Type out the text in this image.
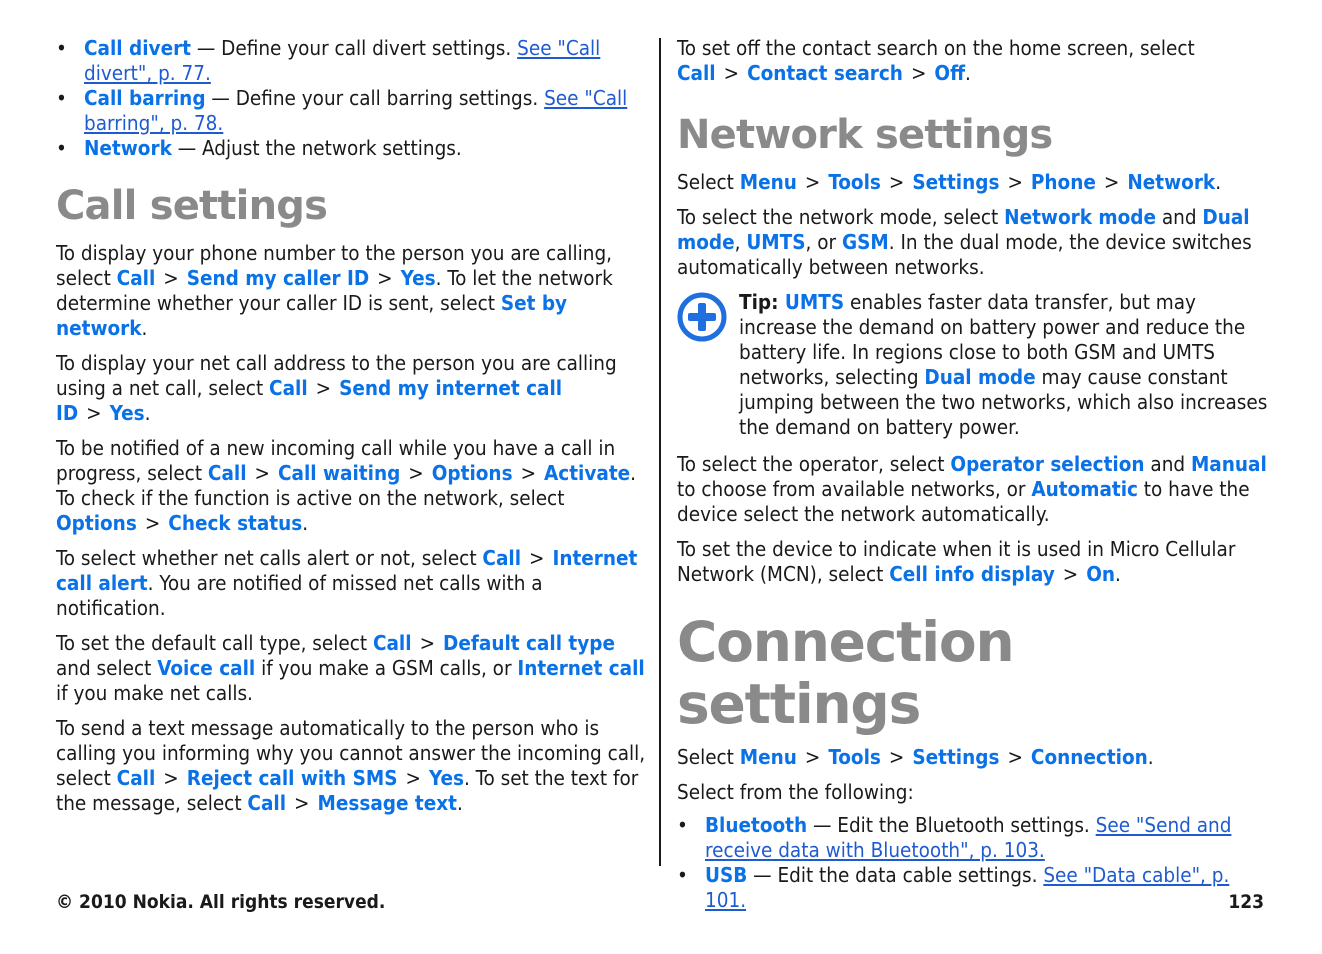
• Call divert — Define your call divert settings. See "Call divert", p. 77.
• Call barring — Define your call barring settings. See "Call barring", p. 78.
• Network — Adjust the network settings.
Call settings

To display your phone number to the person you are calling, select Call > Send my caller ID > Yes. To let the network determine whether your caller ID is sent, select Set by network.

To display your net call address to the person you are calling using a net call, select Call > Send my internet call ID > Yes.

To be notified of a new incoming call while you have a call in progress, select Call > Call waiting > Options > Activate. To check if the function is active on the network, select Options > Check status.

To select whether net calls alert or not, select Call > Internet call alert. You are notified of missed net calls with a notification.

To set the default call type, select Call > Default call type and select Voice call if you make a GSM calls, or Internet call if you make net calls.

To send a text message automatically to the person who is calling you informing why you cannot answer the incoming call, select Call > Reject call with SMS > Yes. To set the text for the message, select Call > Message text.

To set off the contact search on the home screen, select Call > Contact search > Off.

Network settings

Select Menu > Tools > Settings > Phone > Network.

To select the network mode, select Network mode and Dual mode, UMTS, or GSM. In the dual mode, the device switches automatically between networks.

Tip: UMTS enables faster data transfer, but may increase the demand on battery power and reduce the battery life. In regions close to both GSM and UMTS networks, selecting Dual mode may cause constant jumping between the two networks, which also increases the demand on battery power.

To select the operator, select Operator selection and Manual to choose from available networks, or Automatic to have the device select the network automatically.

To set the device to indicate when it is used in Micro Cellular Network (MCN), select Cell info display > On.

Connection settings

Select Menu > Tools > Settings > Connection.

Select from the following:

• Bluetooth — Edit the Bluetooth settings. See "Send and receive data with Bluetooth", p. 103.
• USB — Edit the data cable settings. See "Data cable", p. 101.
© 2010 Nokia. All rights reserved.	123
